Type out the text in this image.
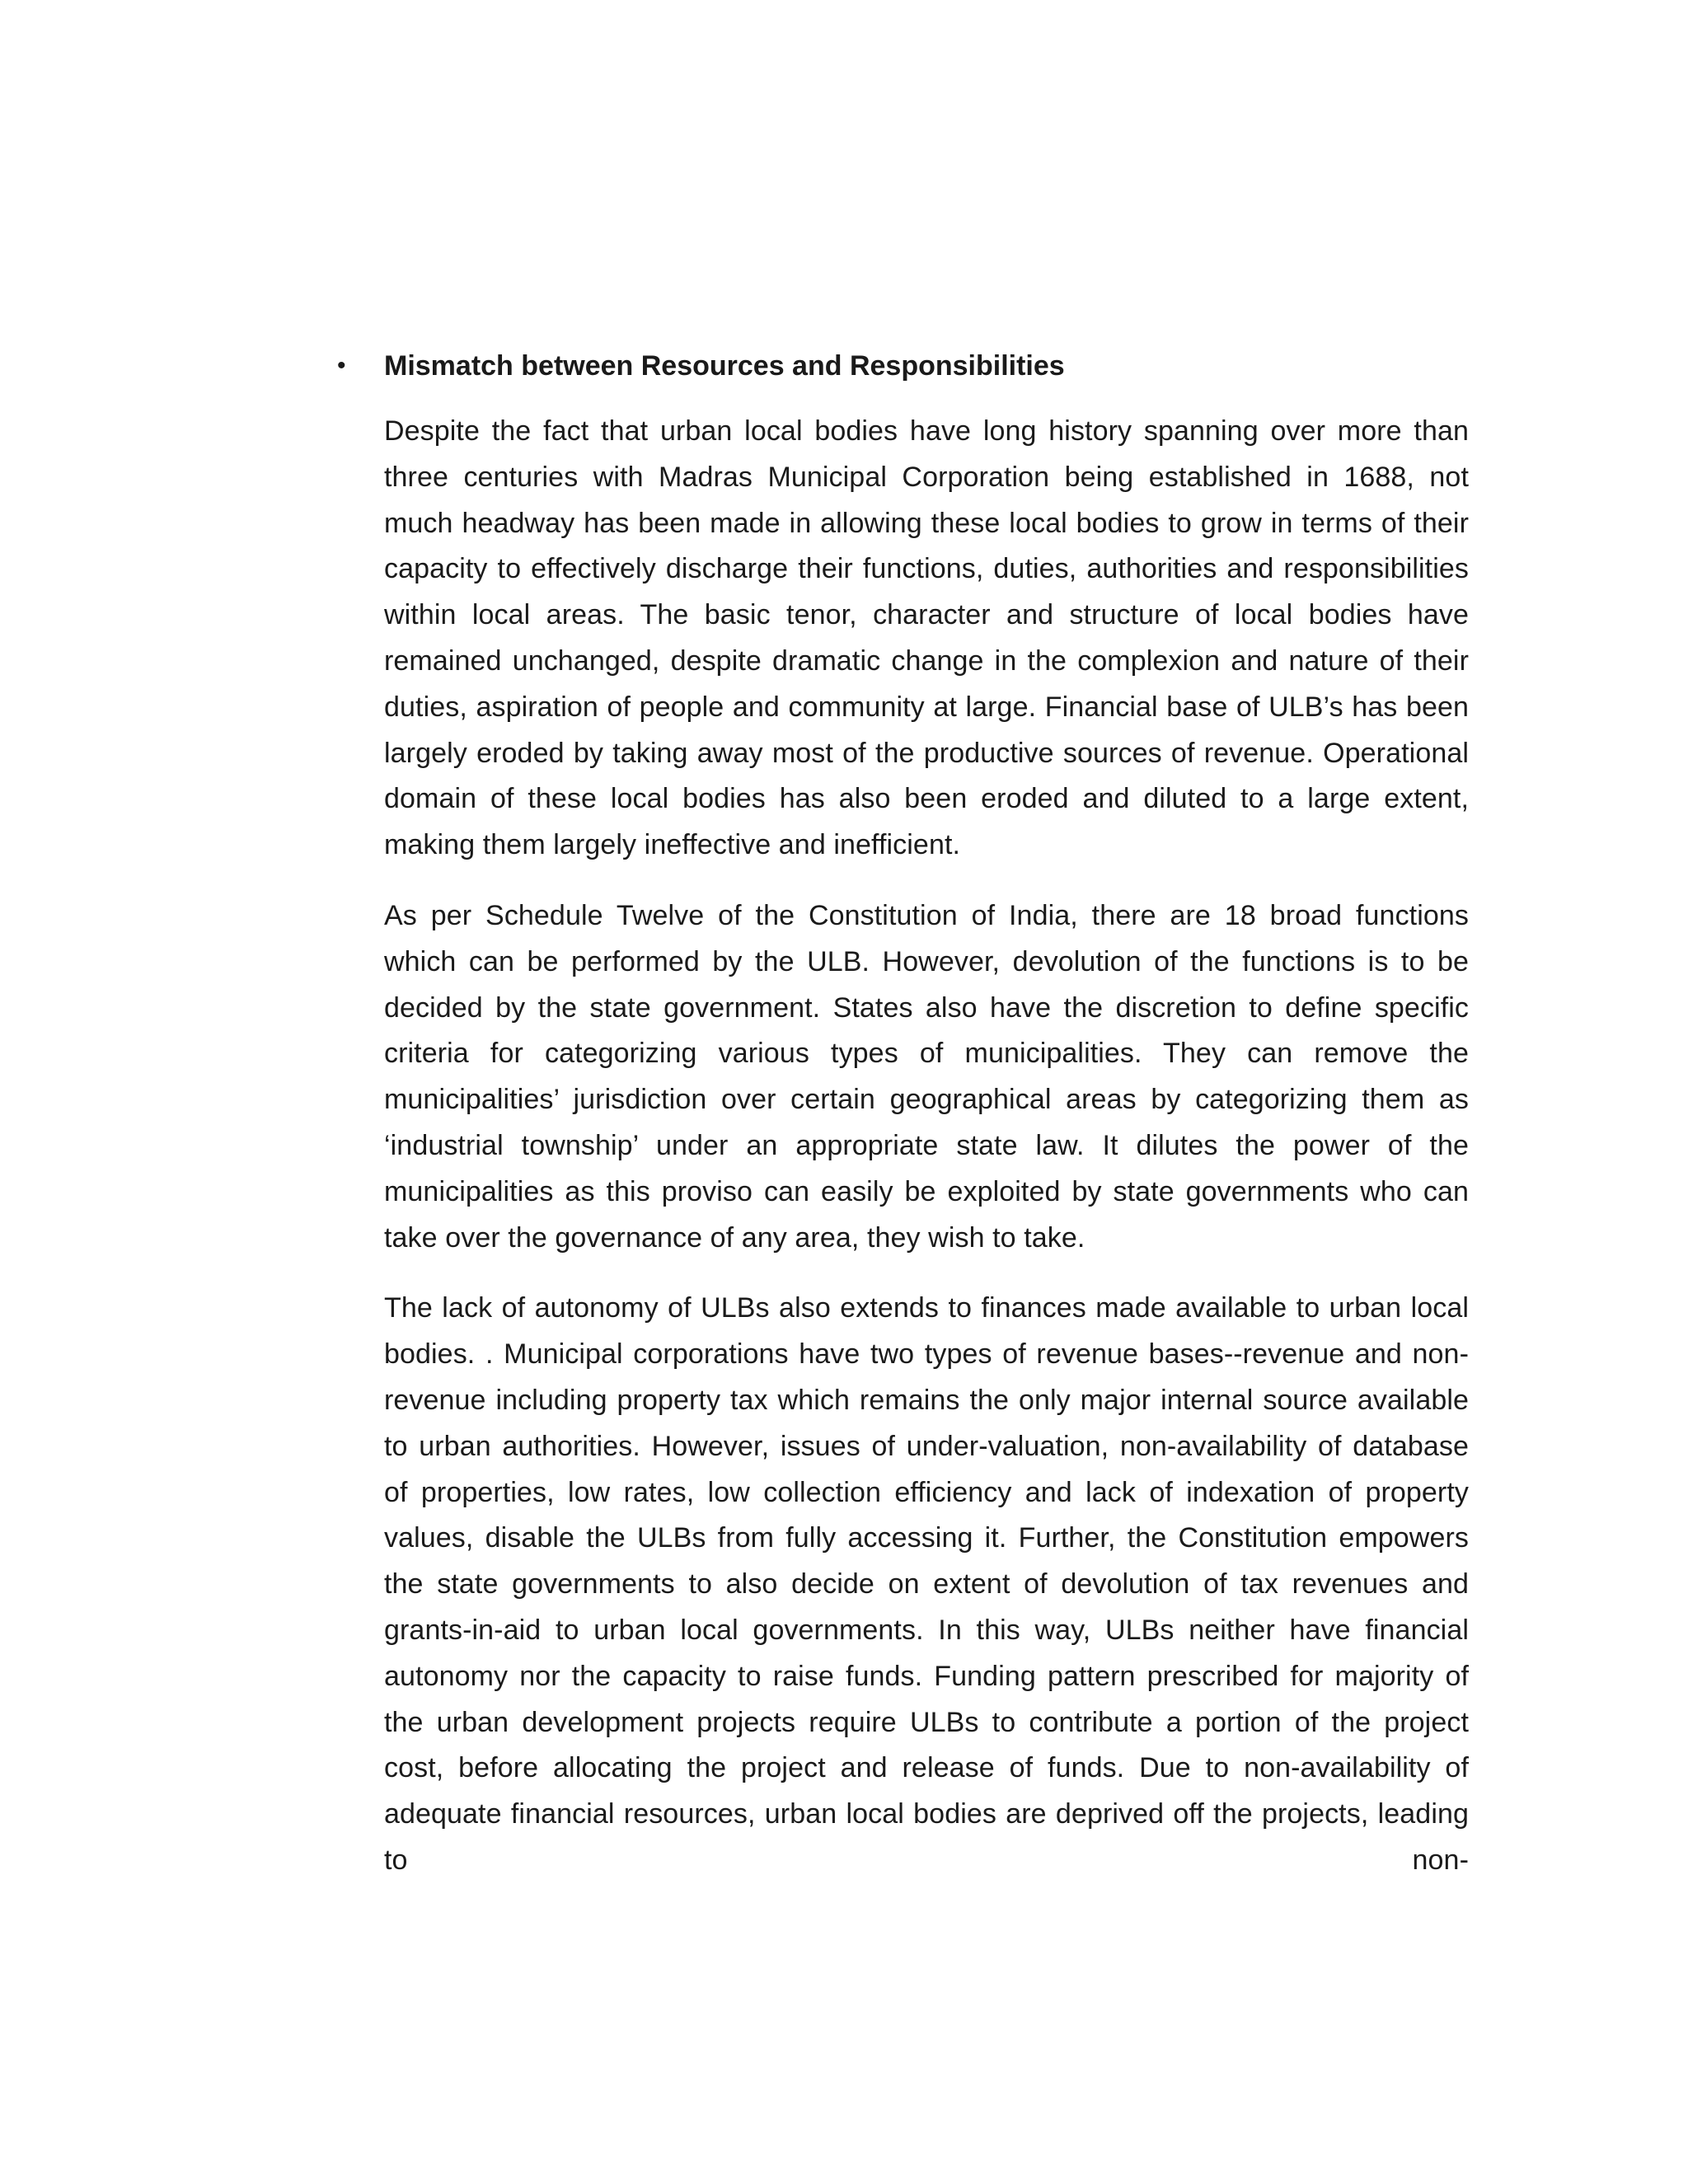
• Mismatch between Resources and Responsibilities

Despite the fact that urban local bodies have long history spanning over more than three centuries with Madras Municipal Corporation being established in 1688, not much headway has been made in allowing these local bodies to grow in terms of their capacity to effectively discharge their functions, duties, authorities and responsibilities within local areas. The basic tenor, character and structure of local bodies have remained unchanged, despite dramatic change in the complexion and nature of their duties, aspiration of people and community at large. Financial base of ULB’s has been largely eroded by taking away most of the productive sources of revenue. Operational domain of these local bodies has also been eroded and diluted to a large extent, making them largely ineffective and inefficient.

As per Schedule Twelve of the Constitution of India, there are 18 broad functions which can be performed by the ULB. However, devolution of the functions is to be decided by the state government. States also have the discretion to define specific criteria for categorizing various types of municipalities. They can remove the municipalities’ jurisdiction over certain geographical areas by categorizing them as ‘industrial township’ under an appropriate state law. It dilutes the power of the municipalities as this proviso can easily be exploited by state governments who can take over the governance of any area, they wish to take.

The lack of autonomy of ULBs also extends to finances made available to urban local bodies. . Municipal corporations have two types of revenue bases--revenue and non-revenue including property tax which remains the only major internal source available to urban authorities. However, issues of under-valuation, non-availability of database of properties, low rates, low collection efficiency and lack of indexation of property values, disable the ULBs from fully accessing it. Further, the Constitution empowers the state governments to also decide on extent of devolution of tax revenues and grants-in-aid to urban local governments. In this way, ULBs neither have financial autonomy nor the capacity to raise funds. Funding pattern prescribed for majority of the urban development projects require ULBs to contribute a portion of the project cost, before allocating the project and release of funds. Due to non-availability of adequate financial resources, urban local bodies are deprived off the projects, leading to non-
